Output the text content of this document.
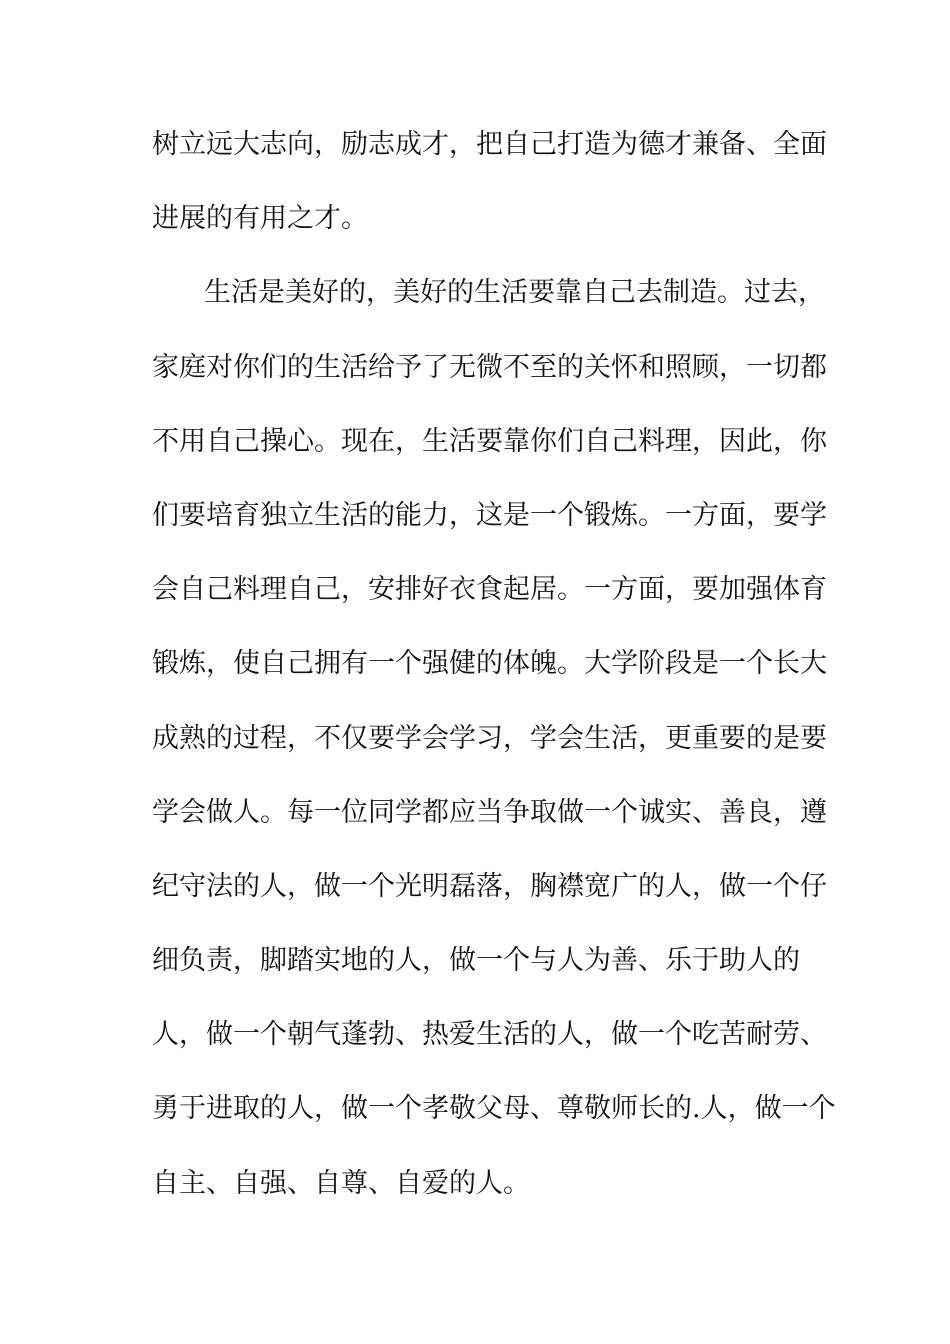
树立远大志向，励志成才，把自己打造为德才兼备、全面
进展的有用之才。
生活是美好的，美好的生活要靠自己去制造。过去，
家庭对你们的生活给予了无微不至的关怀和照顾，一切都
不用自己操心。现在，生活要靠你们自己料理，因此，你
们要培育独立生活的能力，这是一个锻炼。一方面，要学
会自己料理自己，安排好衣食起居。一方面，要加强体育
锻炼，使自己拥有一个强健的体魄。大学阶段是一个长大
成熟的过程，不仅要学会学习，学会生活，更重要的是要
学会做人。每一位同学都应当争取做一个诚实、善良，遵
纪守法的人，做一个光明磊落，胸襟宽广的人，做一个仔
细负责，脚踏实地的人，做一个与人为善、乐于助人的
人，做一个朝气蓬勃、热爱生活的人，做一个吃苦耐劳、
勇于进取的人，做一个孝敬父母、尊敬师长的.人，做一个
自主、自强、自尊、自爱的人。
